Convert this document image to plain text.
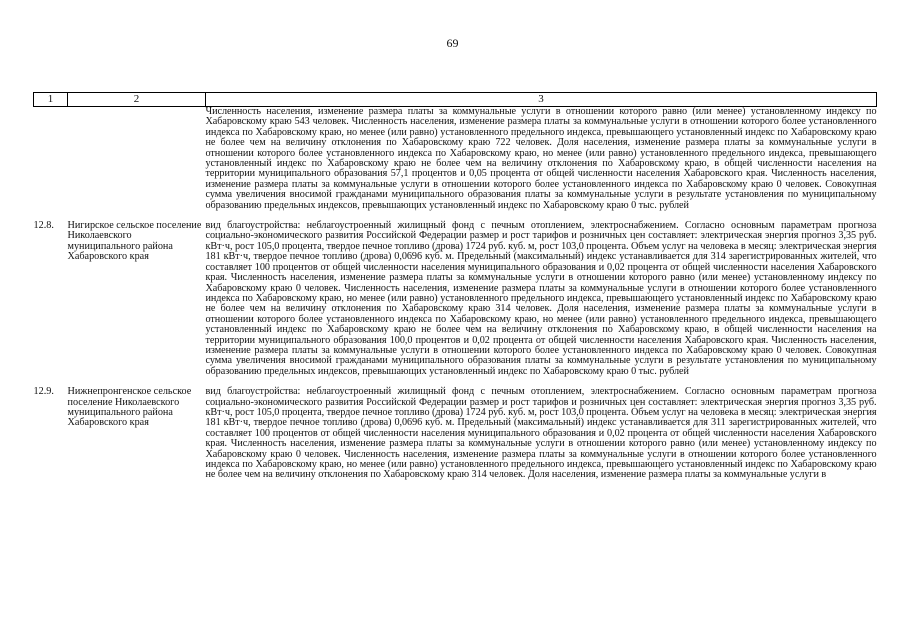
69
1	2	3
		Численность населения, изменение размера платы за коммунальные услуги в отношении которого равно (или менее) установленному индексу по Хабаровскому краю 543 человек. Численность населения, изменение размера платы за коммунальные услуги в отношении которого более установленного индекса по Хабаровскому краю, но менее (или равно) установленного предельного индекса, превышающего установленный индекс по Хабаровскому краю не более чем на величину отклонения по Хабаровскому краю 722 человек. Доля населения, изменение размера платы за коммунальные услуги в отношении которого более установленного индекса по Хабаровскому краю, но менее (или равно) установленного предельного индекса, превышающего установленный индекс по Хабаровскому краю не более чем на величину отклонения по Хабаровскому краю, в общей численности населения на территории муниципального образования 57,1 процентов и 0,05 процента от общей численности населения Хабаровского края. Численность населения, изменение размера платы за коммунальные услуги в отношении которого более установленного индекса по Хабаровскому краю 0 человек. Совокупная сумма увеличения вносимой гражданами муниципального образования платы за коммунальные услуги в результате установления по муниципальному образованию предельных индексов, превышающих установленный индекс по Хабаровскому краю 0 тыс. рублей

12.8.	Нигирское сельское поселение Николаевского муниципального района Хабаровского края	вид благоустройства: неблагоустроенный жилищный фонд с печным отоплением, электроснабжением. Согласно основным параметрам прогноза социально-экономического развития Российской Федерации размер и рост тарифов и розничных цен составляет: электрическая энергия прогноз 3,35 руб. кВт·ч, рост 105,0 процента, твердое печное топливо (дрова) 1724 руб. куб. м, рост 103,0 процента. Объем услуг на человека в месяц: электрическая энергия 181 кВт·ч, твердое печное топливо (дрова) 0,0696 куб. м. Предельный (максимальный) индекс устанавливается для 314 зарегистрированных жителей, что составляет 100 процентов от общей численности населения муниципального образования и 0,02 процента от общей численности населения Хабаровского края. Численность населения, изменение размера платы за коммунальные услуги в отношении которого равно (или менее) установленному индексу по Хабаровскому краю 0 человек. Численность населения, изменение размера платы за коммунальные услуги в отношении которого более установленного индекса по Хабаровскому краю, но менее (или равно) установленного предельного индекса, превышающего установленный индекс по Хабаровскому краю не более чем на величину отклонения по Хабаровскому краю 314 человек. Доля населения, изменение размера платы за коммунальные услуги в отношении которого более установленного индекса по Хабаровскому краю, но менее (или равно) установленного предельного индекса, превышающего установленный индекс по Хабаровскому краю не более чем на величину отклонения по Хабаровскому краю, в общей численности населения на территории муниципального образования 100,0 процентов и 0,02 процента от общей численности населения Хабаровского края. Численность населения, изменение размера платы за коммунальные услуги в отношении которого более установленного индекса по Хабаровскому краю 0 человек. Совокупная сумма увеличения вносимой гражданами муниципального образования платы за коммунальные услуги в результате установления по муниципальному образованию предельных индексов, превышающих установленный индекс по Хабаровскому краю 0 тыс. рублей

12.9.	Нижнепронгенское сельское поселение Николаевского муниципального района Хабаровского края	вид благоустройства: неблагоустроенный жилищный фонд с печным отоплением, электроснабжением. Согласно основным параметрам прогноза социально-экономического развития Российской Федерации размер и рост тарифов и розничных цен составляет: электрическая энергия прогноз 3,35 руб. кВт·ч, рост 105,0 процента, твердое печное топливо (дрова) 1724 руб. куб. м, рост 103,0 процента. Объем услуг на человека в месяц: электрическая энергия 181 кВт·ч, твердое печное топливо (дрова) 0,0696 куб. м. Предельный (максимальный) индекс устанавливается для 311 зарегистрированных жителей, что составляет 100 процентов от общей численности населения муниципального образования и 0,02 процента от общей численности населения Хабаровского края. Численность населения, изменение размера платы за коммунальные услуги в отношении которого равно (или менее) установленному индексу по Хабаровскому краю 0 человек. Численность населения, изменение размера платы за коммунальные услуги в отношении которого более установленного индекса по Хабаровскому краю, но менее (или равно) установленного предельного индекса, превышающего установленный индекс по Хабаровскому краю не более чем на величину отклонения по Хабаровскому краю 314 человек. Доля населения, изменение размера платы за коммунальные услуги в
